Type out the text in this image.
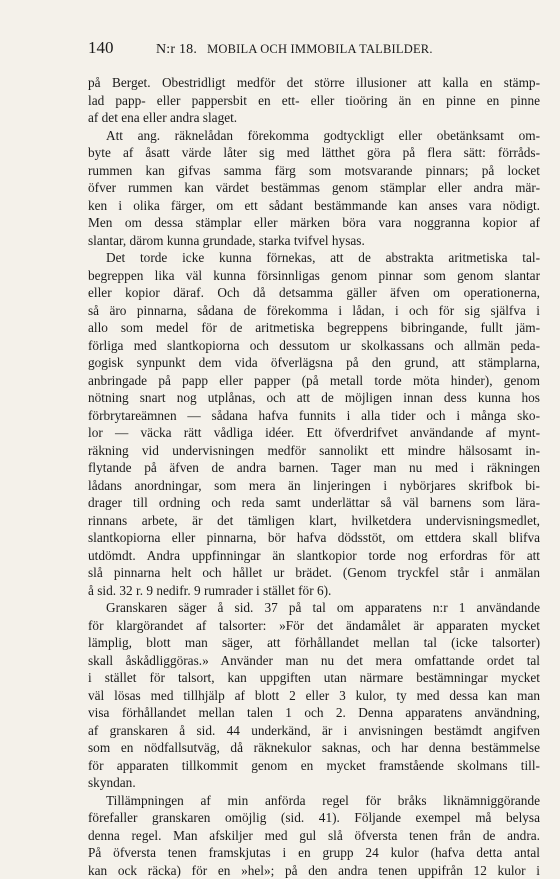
140	N:r 18. MOBILA OCH IMMOBILA TALBILDER.
på Berget. Obestridligt medför det större illusioner att kalla en stämp-
lad papp- eller pappersbit en ett- eller tioöring än en pinne en pinne
af det ena eller andra slaget.
Att ang. räknelådan förekomma godtyckligt eller obetänksamt om-
byte af åsatt värde låter sig med lätthet göra på flera sätt: förråds-
rummen kan gifvas samma färg som motsvarande pinnars; på locket
öfver rummen kan värdet bestämmas genom stämplar eller andra mär-
ken i olika färger, om ett sådant bestämmande kan anses vara nödigt.
Men om dessa stämplar eller märken böra vara noggranna kopior af
slantar, därom kunna grundade, starka tvifvel hysas.
Det torde icke kunna förnekas, att de abstrakta aritmetiska tal-
begreppen lika väl kunna försinnligas genom pinnar som genom slantar
eller kopior däraf. Och då detsamma gäller äfven om operationerna,
så äro pinnarna, sådana de förekomma i lådan, i och för sig själfva i
allo som medel för de aritmetiska begreppens bibringande, fullt jäm-
förliga med slantkopiorna och dessutom ur skolkassans och allmän peda-
gogisk synpunkt dem vida öfverlägsna på den grund, att stämplarna,
anbringade på papp eller papper (på metall torde möta hinder), genom
nötning snart nog utplånas, och att de möjligen innan dess kunna hos
förbrytareämnen — sådana hafva funnits i alla tider och i många sko-
lor — väcka rätt vådliga idéer. Ett öfverdrifvet användande af mynt-
räkning vid undervisningen medför sannolikt ett mindre hälsosamt in-
flytande på äfven de andra barnen. Tager man nu med i räkningen
lådans anordningar, som mera än linjeringen i nybörjares skrifbok bi-
drager till ordning och reda samt underlättar så väl barnens som lära-
rinnans arbete, är det tämligen klart, hvilketdera undervisningsmedlet,
slantkopiorna eller pinnarna, bör hafva dödsstöt, om ettdera skall blifva
utdömdt. Andra uppfinningar än slantkopior torde nog erfordras för att
slå pinnarna helt och hållet ur brädet. (Genom tryckfel står i anmälan
å sid. 32 r. 9 nedifr. 9 rumrader i stället för 6).
Granskaren säger å sid. 37 på tal om apparatens n:r 1 användande
för klargörandet af talsorter: »För det ändamålet är apparaten mycket
lämplig, blott man säger, att förhållandet mellan tal (icke talsorter)
skall åskådliggöras.» Använder man nu det mera omfattande ordet tal
i stället för talsort, kan uppgiften utan närmare bestämningar mycket
väl lösas med tillhjälp af blott 2 eller 3 kulor, ty med dessa kan man
visa förhållandet mellan talen 1 och 2. Denna apparatens användning,
af granskaren å sid. 44 underkänd, är i anvisningen bestämdt angifven
som en nödfallsutväg, då räknekulor saknas, och har denna bestämmelse
för apparaten tillkommit genom en mycket framstående skolmans till-
skyndan.
Tillämpningen af min anförda regel för bråks liknämniggörande
förefaller granskaren omöjlig (sid. 41). Följande exempel må belysa
denna regel. Man afskiljer med gul slå öfversta tenen från de andra.
På öfversta tenen framskjutas i en grupp 24 kulor (hafva detta antal
kan ock räcka) för en »hel»; på den andra tenen uppifrån 12 kulor i
